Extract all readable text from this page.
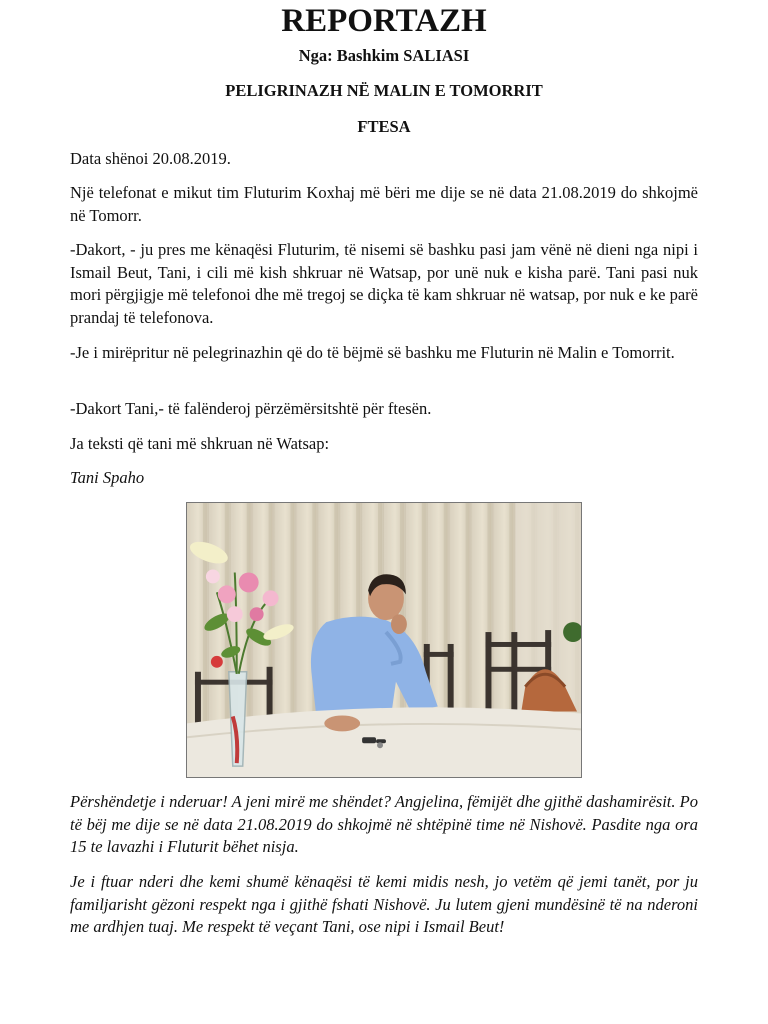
REPORTAZH
Nga: Bashkim SALIASI
PELIGRINAZH NË MALIN E TOMORRIT
FTESA

Data shënoi 20.08.2019.

Një telefonat e mikut tim Fluturim Koxhaj më bëri me dije se në data 21.08.2019 do shkojmë në Tomorr.

-Dakort, - ju pres me kënaqësi Fluturim, të nisemi së bashku pasi jam vënë në dieni nga nipi i Ismail Beut, Tani, i cili më kish shkruar në Watsap, por unë nuk e kisha parë. Tani pasi nuk mori përgjigje më telefonoi dhe më tregoj se diçka të kam shkruar në watsap, por nuk e ke parë prandaj të telefonova.

-Je i mirëpritur në pelegrinazhin që do të bëjmë së bashku me Fluturin në Malin e Tomorrit.

-Dakort Tani,- të falënderoj përzëmërsitshtë për ftesën.

Ja teksti që tani më shkruan në Watsap:

Tani Spaho

Përshëndetje i nderuar! A jeni mirë me shëndet? Angjelina, fëmijët dhe gjithë dashamirësit. Po të bëj me dije se në data 21.08.2019 do shkojmë në shtëpinë time në Nishovë. Pasdite nga ora 15 te lavazhi i Fluturit bëhet nisja.

Je i ftuar nderi dhe kemi shumë kënaqësi të kemi midis nesh, jo vetëm që jemi tanët, por ju familjarisht gëzoni respekt nga i gjithë fshati Nishovë. Ju lutem gjeni mundësinë të na nderoni me ardhjen tuaj. Me respekt të veçant Tani, ose nipi i Ismail Beut!
